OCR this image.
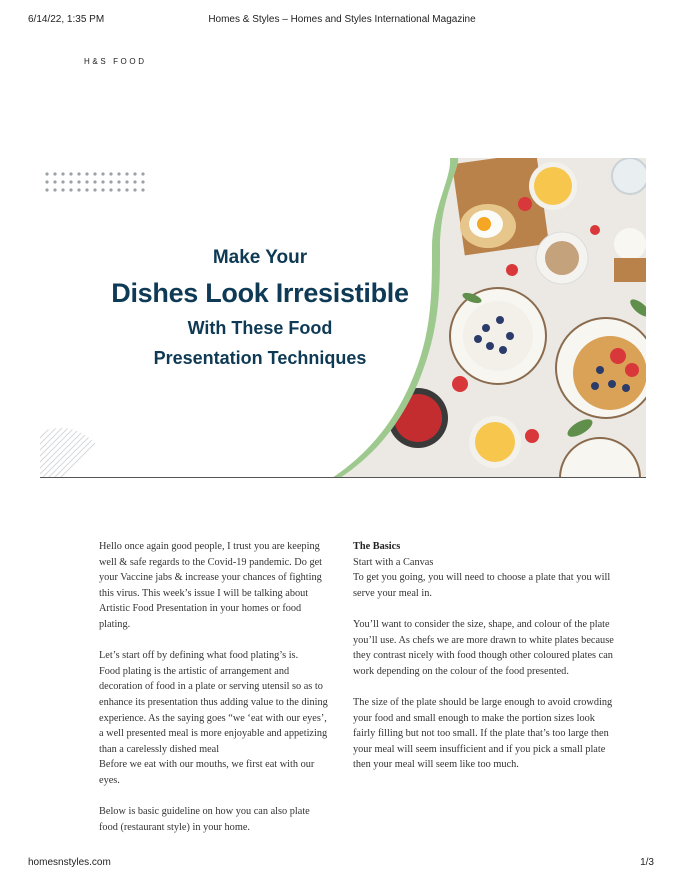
6/14/22, 1:35 PM	Homes & Styles – Homes and Styles International Magazine
H&S FOOD
Make Your
Dishes Look Irresistible
With These Food
Presentation Techniques

Hello once again good people, I trust you are keeping well & safe regards to the Covid-19 pandemic. Do get your Vaccine jabs & increase your chances of fighting this virus. This week’s issue I will be talking about Artistic Food Presentation in your homes or food plating.

Let’s start off by defining what food plating’s is.
Food plating is the artistic of arrangement and decoration of food in a plate or serving utensil so as to enhance its presentation thus adding value to the dining experience. As the saying goes “we ‘eat with our eyes’, a well presented meal is more enjoyable and appetizing than a carelessly dished meal
Before we eat with our mouths, we first eat with our eyes.

Below is basic guideline on how you can also plate food (restaurant style) in your home.

The Basics
Start with a Canvas

To get you going, you will need to choose a plate that you will serve your meal in.

You’ll want to consider the size, shape, and colour of the plate you’ll use. As chefs we are more drawn to white plates because they contrast nicely with food though other coloured plates can work depending on the colour of the food presented.

The size of the plate should be large enough to avoid crowding your food and small enough to make the portion sizes look fairly filling but not too small. If the plate that’s too large then your meal will seem insufficient and if you pick a small plate then your meal will seem like too much.

homesnstyles.com	1/3
